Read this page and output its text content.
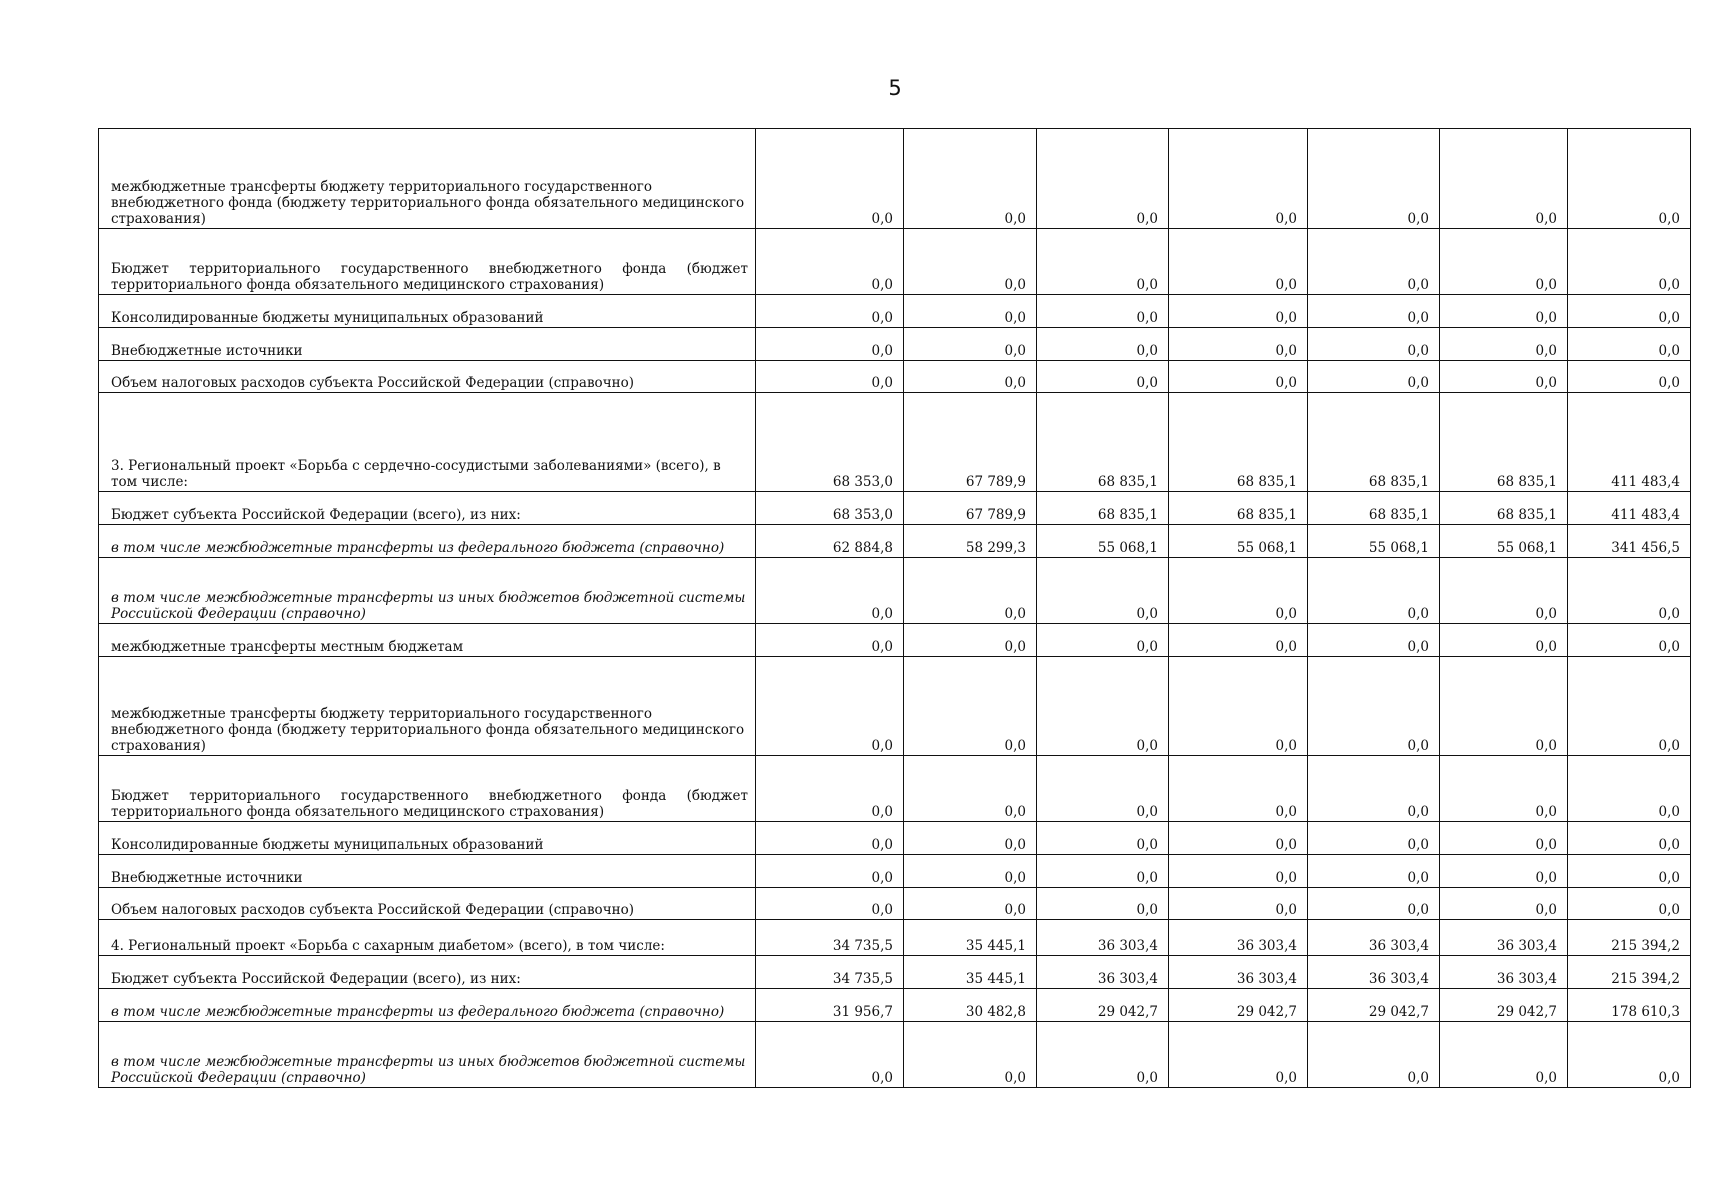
5
межбюджетные трансферты бюджету территориального государственного внебюджетного фонда (бюджету территориального фонда обязательного медицинского страхования)	0,0	0,0	0,0	0,0	0,0	0,0	0,0
Бюджет территориального государственного внебюджетного фонда (бюджет территориального фонда обязательного медицинского страхования)	0,0	0,0	0,0	0,0	0,0	0,0	0,0
Консолидированные бюджеты муниципальных образований	0,0	0,0	0,0	0,0	0,0	0,0	0,0
Внебюджетные источники	0,0	0,0	0,0	0,0	0,0	0,0	0,0
Объем налоговых расходов субъекта Российской Федерации (справочно)	0,0	0,0	0,0	0,0	0,0	0,0	0,0
3. Региональный проект «Борьба с сердечно-сосудистыми заболеваниями» (всего), в том числе:	68 353,0	67 789,9	68 835,1	68 835,1	68 835,1	68 835,1	411 483,4
Бюджет субъекта Российской Федерации (всего), из них:	68 353,0	67 789,9	68 835,1	68 835,1	68 835,1	68 835,1	411 483,4
в том числе межбюджетные трансферты из федерального бюджета (справочно)	62 884,8	58 299,3	55 068,1	55 068,1	55 068,1	55 068,1	341 456,5
в том числе межбюджетные трансферты из иных бюджетов бюджетной системы Российской Федерации (справочно)	0,0	0,0	0,0	0,0	0,0	0,0	0,0
межбюджетные трансферты местным бюджетам	0,0	0,0	0,0	0,0	0,0	0,0	0,0
межбюджетные трансферты бюджету территориального государственного внебюджетного фонда (бюджету территориального фонда обязательного медицинского страхования)	0,0	0,0	0,0	0,0	0,0	0,0	0,0
Бюджет территориального государственного внебюджетного фонда (бюджет территориального фонда обязательного медицинского страхования)	0,0	0,0	0,0	0,0	0,0	0,0	0,0
Консолидированные бюджеты муниципальных образований	0,0	0,0	0,0	0,0	0,0	0,0	0,0
Внебюджетные источники	0,0	0,0	0,0	0,0	0,0	0,0	0,0
Объем налоговых расходов субъекта Российской Федерации (справочно)	0,0	0,0	0,0	0,0	0,0	0,0	0,0
4. Региональный проект «Борьба с сахарным диабетом» (всего), в том числе:	34 735,5	35 445,1	36 303,4	36 303,4	36 303,4	36 303,4	215 394,2
Бюджет субъекта Российской Федерации (всего), из них:	34 735,5	35 445,1	36 303,4	36 303,4	36 303,4	36 303,4	215 394,2
в том числе межбюджетные трансферты из федерального бюджета (справочно)	31 956,7	30 482,8	29 042,7	29 042,7	29 042,7	29 042,7	178 610,3
в том числе межбюджетные трансферты из иных бюджетов бюджетной системы Российской Федерации (справочно)	0,0	0,0	0,0	0,0	0,0	0,0	0,0
